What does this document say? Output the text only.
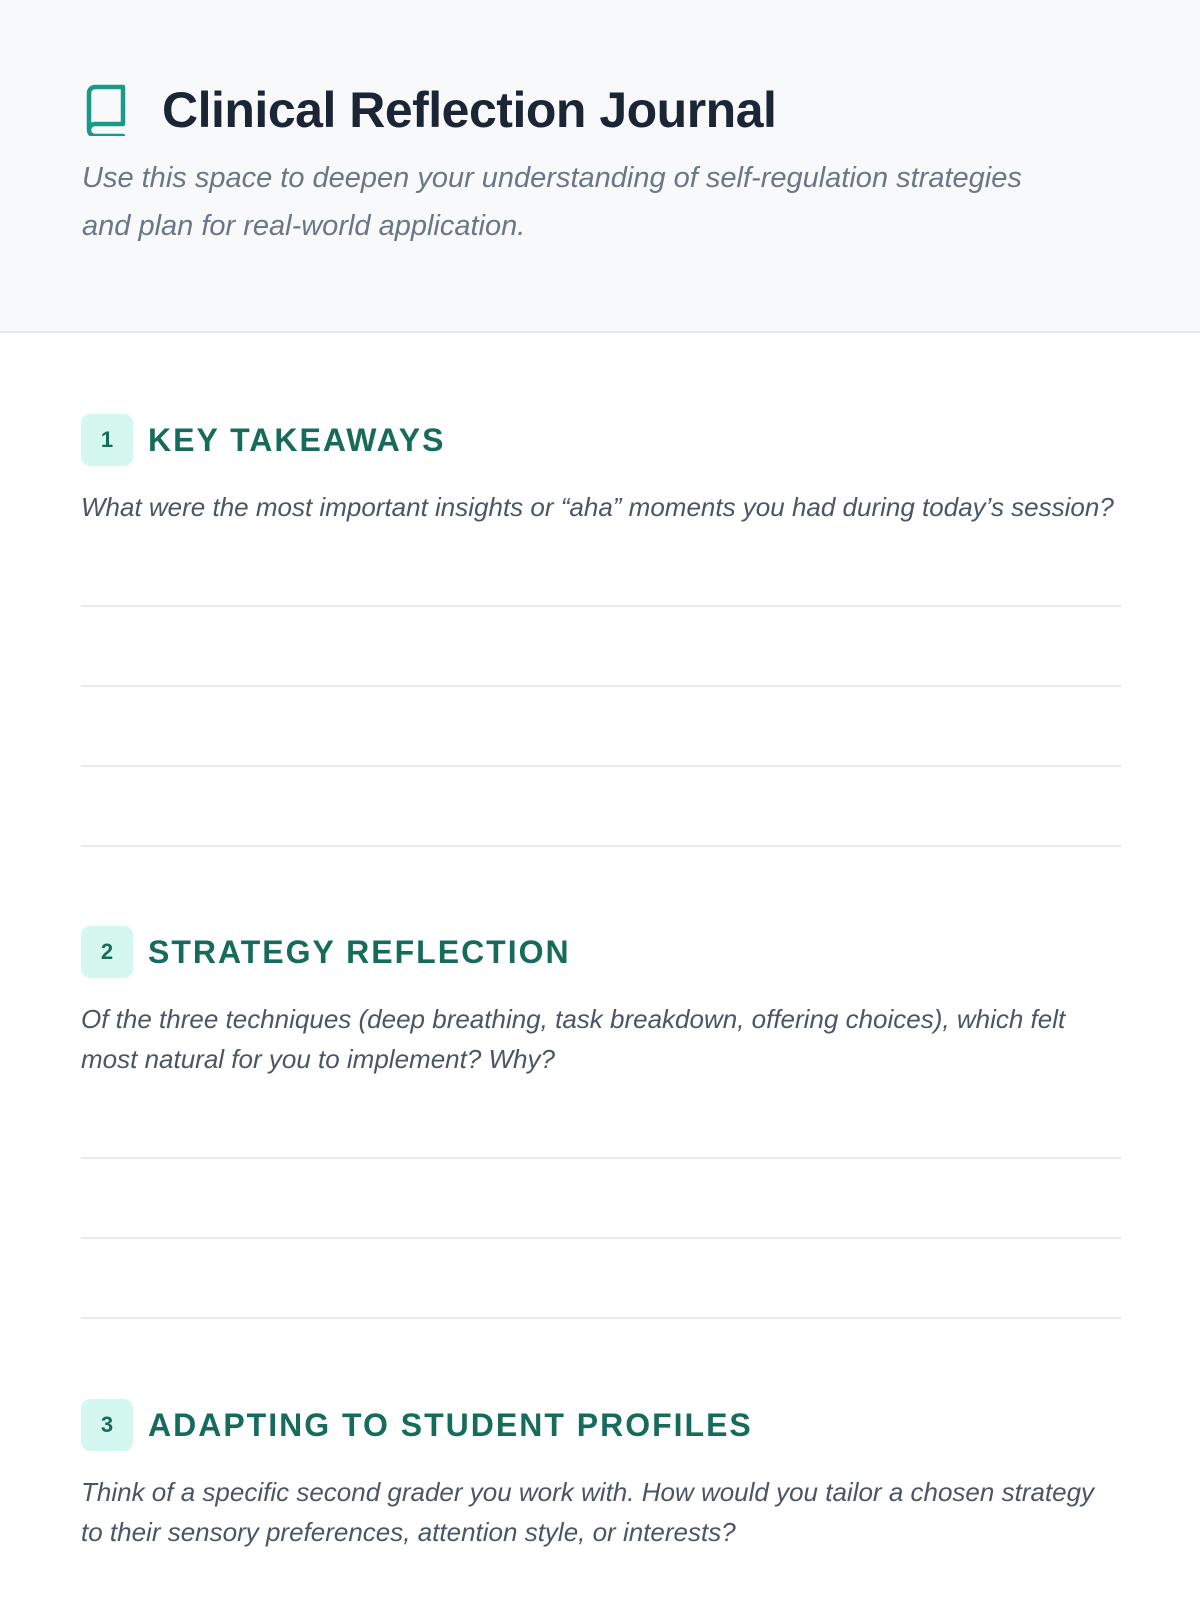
Clinical Reflection Journal
Use this space to deepen your understanding of self-regulation strategies and plan for real-world application.
1	KEY TAKEAWAYS
What were the most important insights or “aha” moments you had during today’s session?
2	STRATEGY REFLECTION
Of the three techniques (deep breathing, task breakdown, offering choices), which felt most natural for you to implement? Why?
3	ADAPTING TO STUDENT PROFILES
Think of a specific second grader you work with. How would you tailor a chosen strategy to their sensory preferences, attention style, or interests?
